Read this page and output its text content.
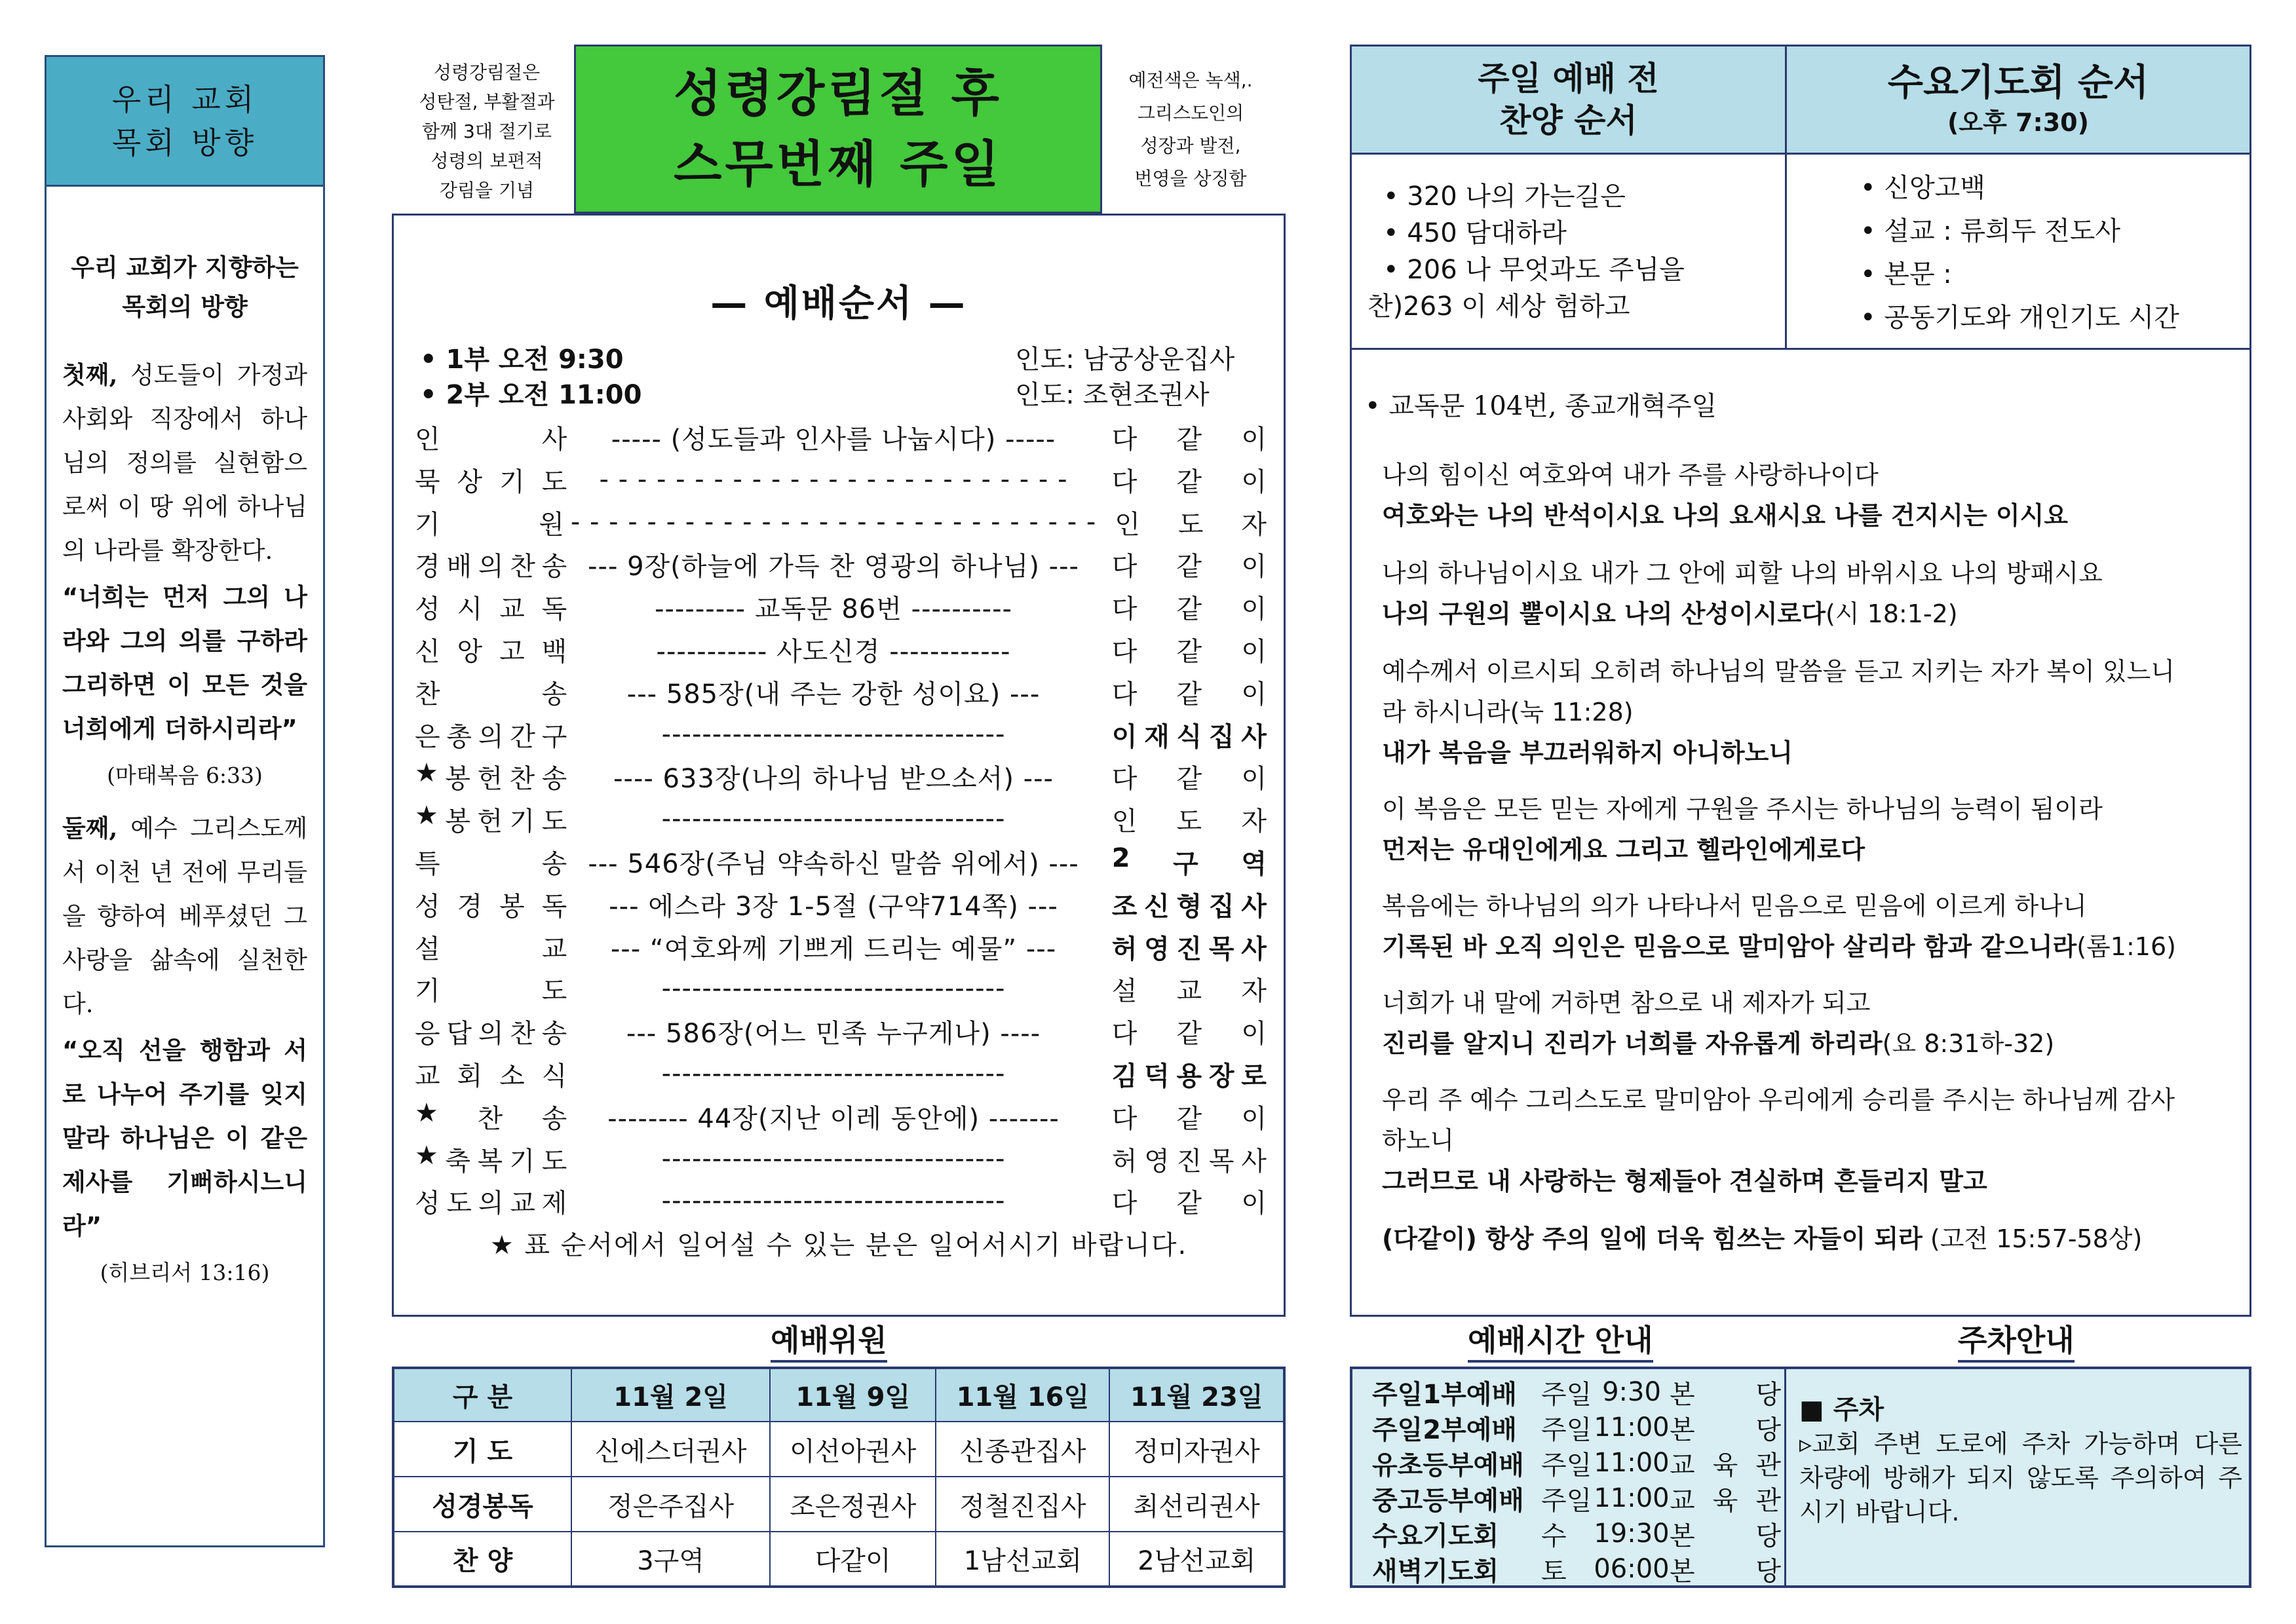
우리 교회
목회 방향
우리 교회가 지향하는
목회의 방향

첫째, 성도들이 가정과 사회와 직장에서 하나님의 정의를 실현함으로써 이 땅 위에 하나님의 나라를 확장한다.

“너희는 먼저 그의 나라와 그의 의를 구하라 그리하면 이 모든 것을 너희에게 더하시리라”

(마태복음 6:33)

둘째, 예수 그리스도께서 이천 년 전에 무리들을 향하여 베푸셨던 그 사랑을 삶속에 실천한다.

“오직 선을 행함과 서로 나누어 주기를 잊지 말라 하나님은 이 같은 제사를 기뻐하시느니라”

(히브리서 13:16)
성령강림절은
성탄절, 부활절과
함께 3대 절기로
성령의 보편적
강림을 기념
성령강림절 후
스무번째 주일
예전색은 녹색,.
그리스도인의
성장과 발전,
번영을 상징함
— 예배순서 —
• 1부 오전 9:30	인도: 남궁상운집사
• 2부 오전 11:00	인도: 조현조권사
인	사	----- (성도들과 인사를 나눕시다) -----	다 같 이
묵 상 기 도	- - - - - - - - - - - - - - - - - - - - - - - - -	다 같 이
기	원 - - - - - - - - - - - - - - - - - - - - - - - - - - - - 인 도 자
경 배 의 찬 송 --- 9장(하늘에 가득 찬 영광의 하나님) ---	다 같 이
성 시 교 독	--------- 교독문 86번 ----------	다 같 이
신 앙 고 백	----------- 사도신경 ------------	다 같 이
찬	송	--- 585장(내 주는 강한 성이요) ---	다 같 이
은 총 의 간 구	----------------------------------	이 재 식 집 사
★ 봉 헌 찬 송	---- 633장(나의 하나님 받으소서) ---	다 같 이
★ 봉 헌 기 도	----------------------------------	인 도 자
특	송 --- 546장(주님 약속하신 말씀 위에서) ---	2 구 역
성 경 봉 독	--- 에스라 3장 1-5절 (구약714쪽) ---	조 신 형 집 사
설	교	--- “여호와께 기쁘게 드리는 예물” ---	허 영 진 목 사
기	도	----------------------------------	설 교 자
응 답 의 찬 송	--- 586장(어느 민족 누구게나) ----	다 같 이
교 회 소 식	----------------------------------	김 덕 용 장 로
★ 찬 송	-------- 44장(지난 이레 동안에) -------	다 같 이
★ 축 복 기 도	----------------------------------	허 영 진 목 사
성 도 의 교 제	----------------------------------	다 같 이
★ 표 순서에서 일어설 수 있는 분은 일어서시기 바랍니다.
예배위원
구 분	11월 2일	11월 9일	11월 16일	11월 23일
기 도	신에스더권사	이선아권사	신종관집사	정미자권사
성경봉독	정은주집사	조은정권사	정철진집사	최선리권사
찬 양	3구역	다같이	1남선교회	2남선교회
주일 예배 전
찬양 순서
수요기도회 순서
(오후 7:30)
• 320 나의 가는길은
• 450 담대하라
• 206 나 무엇과도 주님을
찬)263 이 세상 험하고
• 신앙고백
• 설교 : 류희두 전도사
• 본문 :
• 공동기도와 개인기도 시간
• 교독문 104번, 종교개혁주일
나의 힘이신 여호와여 내가 주를 사랑하나이다
여호와는 나의 반석이시요 나의 요새시요 나를 건지시는 이시요
나의 하나님이시요 내가 그 안에 피할 나의 바위시요 나의 방패시요
나의 구원의 뿔이시요 나의 산성이시로다(시 18:1-2)
예수께서 이르시되 오히려 하나님의 말씀을 듣고 지키는 자가 복이 있느니라 하시니라(눅 11:28)
내가 복음을 부끄러워하지 아니하노니
이 복음은 모든 믿는 자에게 구원을 주시는 하나님의 능력이 됨이라
먼저는 유대인에게요 그리고 헬라인에게로다
복음에는 하나님의 의가 나타나서 믿음으로 믿음에 이르게 하나니
기록된 바 오직 의인은 믿음으로 말미암아 살리라 함과 같으니라(롬1:16)
너희가 내 말에 거하면 참으로 내 제자가 되고
진리를 알지니 진리가 너희를 자유롭게 하리라(요 8:31하-32)
우리 주 예수 그리스도로 말미암아 우리에게 승리를 주시는 하나님께 감사하노니
그러므로 내 사랑하는 형제들아 견실하며 흔들리지 말고
(다같이) 항상 주의 일에 더욱 힘쓰는 자들이 되라 (고전 15:57-58상)
예배시간 안내	주차안내
주일1부예배 주일 9:30 본 당
주일2부예배 주일 11:00 본 당
유초등부예배 주일 11:00 교 육 관
중고등부예배 주일 11:00 교 육 관
수요기도회	수	19:30 본 당
새벽기도회	토	06:00 본 당
■ 주차
▹교회 주변 도로에 주차 가능하며 다른 차량에 방해가 되지 않도록 주의하여 주시기 바랍니다.
